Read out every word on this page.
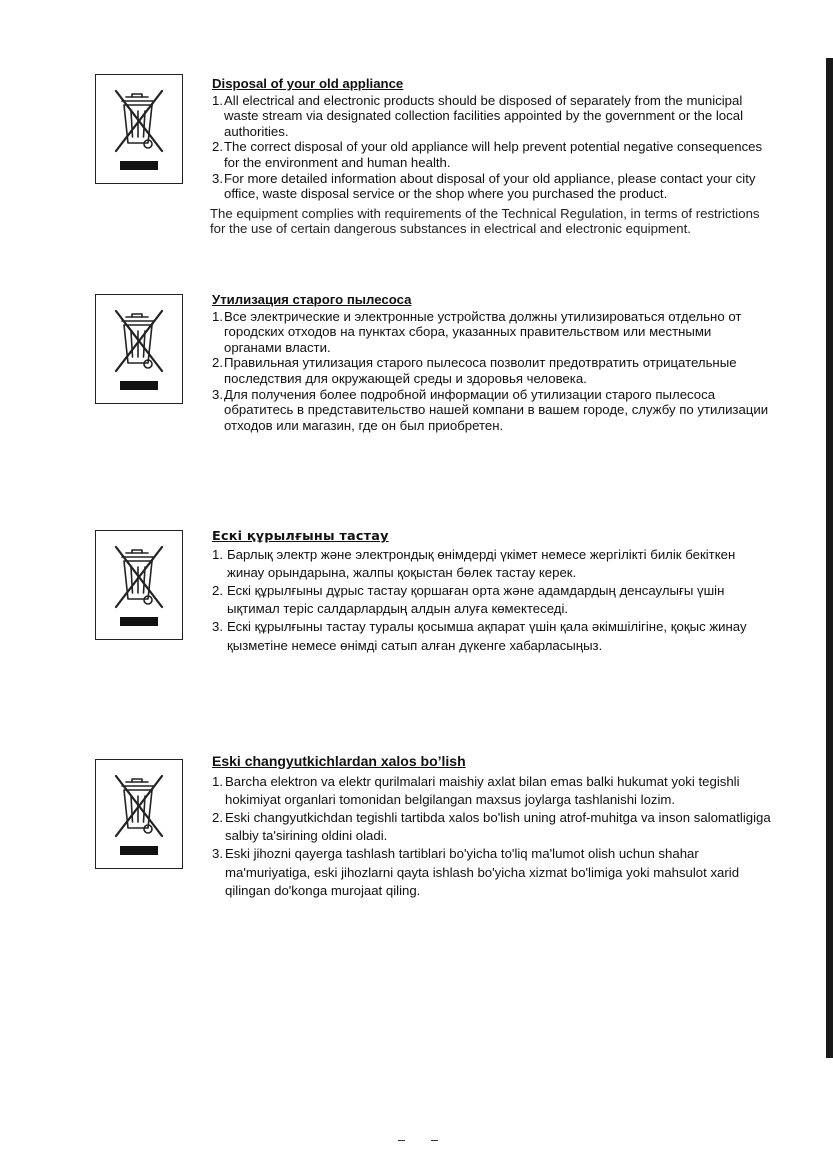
Disposal of your old appliance
1. All electrical and electronic products should be disposed of separately from the municipal waste stream via designated collection facilities appointed by the government or the local authorities.
2. The correct disposal of your old appliance will help prevent potential negative consequences for the environment and human health.
3. For more detailed information about disposal of your old appliance, please contact your city office, waste disposal service or the shop where you purchased the product.
The equipment complies with requirements of the Technical Regulation, in terms of restrictions for the use of certain dangerous substances in electrical and electronic equipment.
Утилизация старого пылесоса
1. Все электрические и электронные устройства должны утилизироваться отдельно от городских отходов на пунктах сбора, указанных правительством или местными органами власти.
2. Правильная утилизация старого пылесоса позволит предотвратить отрицательные последствия для окружающей среды и здоровья человека.
3. Для получения более подробной информации об утилизации старого пылесоса обратитесь в представительство нашей компани в вашем городе, службу по утилизации отходов или магазин, где он был приобретен.
Ескі құрылғыны тастау
1. Барлық электр және электрондық өнімдерді үкімет немесе жергілікті билік бекіткен жинау орындарына, жалпы қоқыстан бөлек тастау керек.
2. Ескі құрылғыны дұрыс тастау қоршаған орта және адамдардың денсаулығы үшін ықтимал теріс салдарлардың алдын алуға көмектеседі.
3. Ескі құрылғыны тастау туралы қосымша ақпарат үшін қала әкімшілігіне, қоқыс жинау қызметіне немесе өнімді сатып алған дүкенге хабарласыңыз.
Eski changyutkichlardan xalos bo’lish
1. Barcha elektron va elektr qurilmalari maishiy axlat bilan emas balki hukumat yoki tegishli hokimiyat organlari tomonidan belgilangan maxsus joylarga tashlanishi lozim.
2. Eski changyutkichdan tegishli tartibda xalos bo'lish uning atrof-muhitga va inson salomatligiga salbiy ta'sirining oldini oladi.
3. Eski jihozni qayerga tashlash tartiblari bo'yicha to'liq ma'lumot olish uchun shahar ma'muriyatiga, eski jihozlarni qayta ishlash bo'yicha xizmat bo'limiga yoki mahsulot xarid qilingan do'konga murojaat qiling.
